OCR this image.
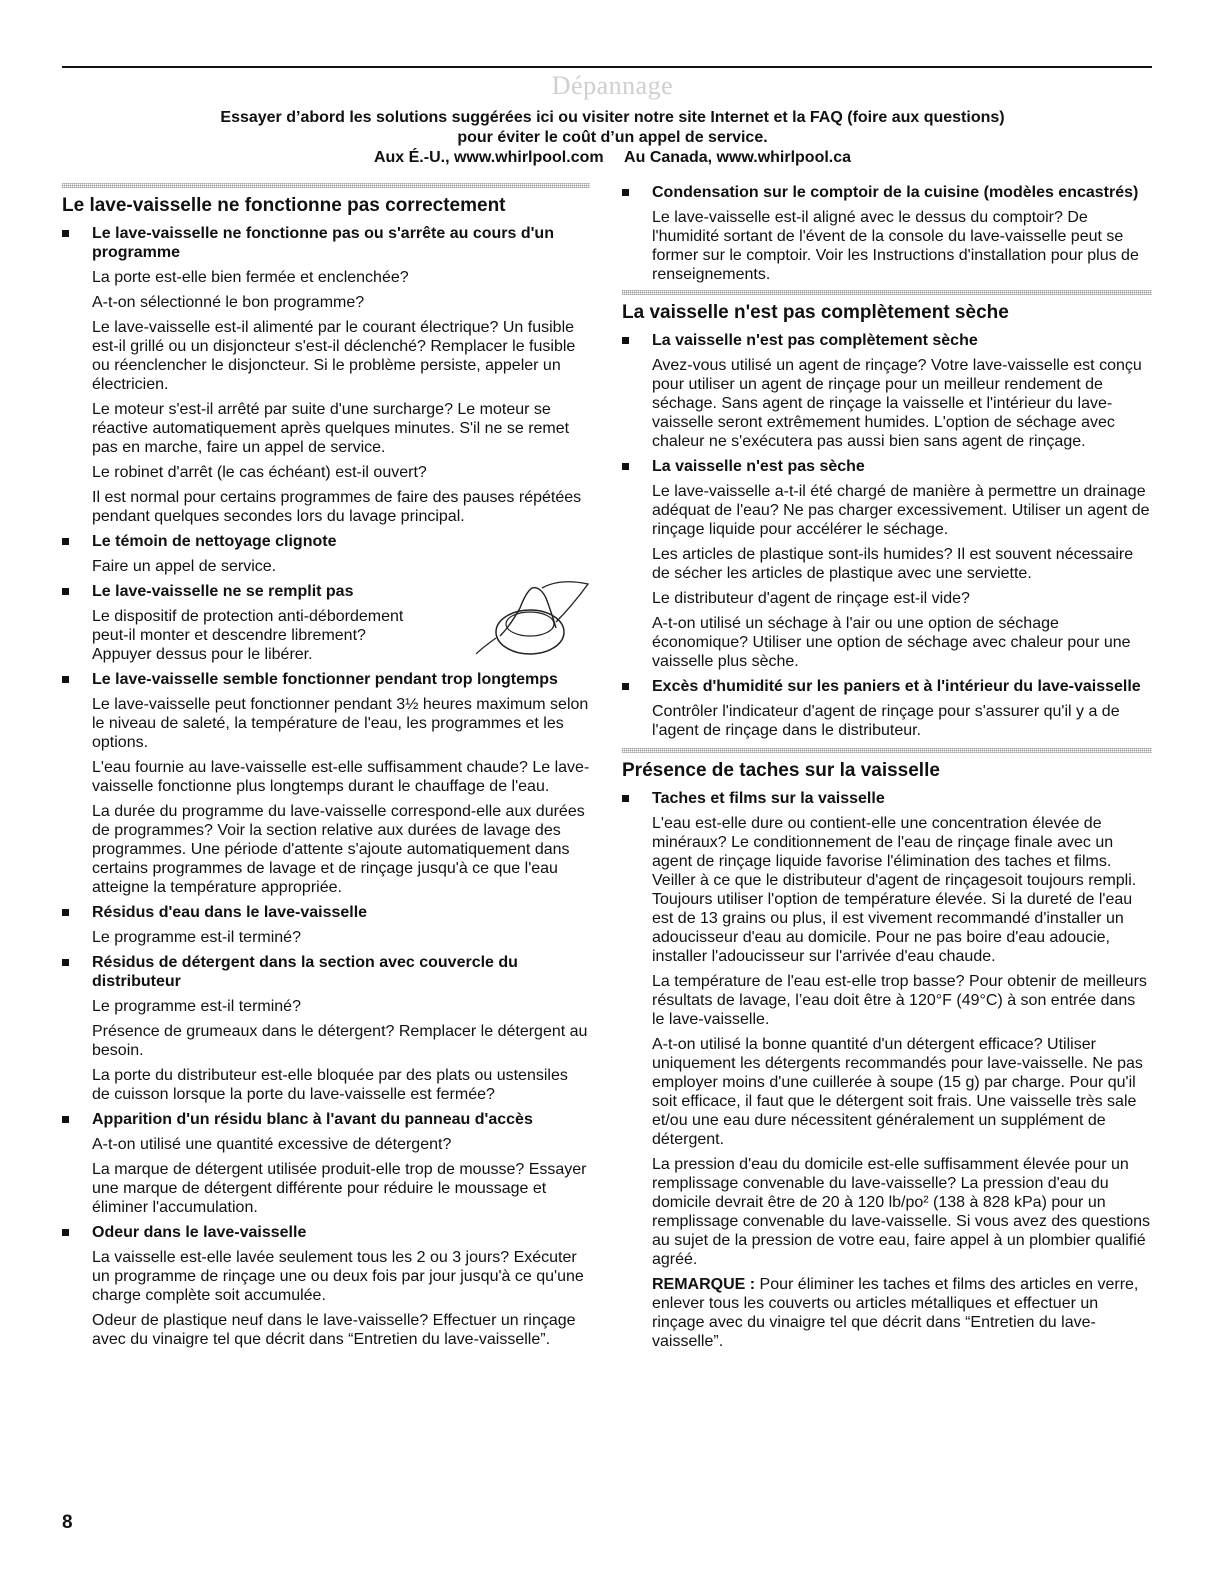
Dépannage
Essayer d’abord les solutions suggérées ici ou visiter notre site Internet et la FAQ (foire aux questions)
pour éviter le coût d’un appel de service.
Aux É.-U., www.whirlpool.com Au Canada, www.whirlpool.ca
Le lave-vaisselle ne fonctionne pas correctement
Le lave-vaisselle ne fonctionne pas ou s'arrête au cours d'un programme

La porte est-elle bien fermée et enclenchée?

A-t-on sélectionné le bon programme?

Le lave-vaisselle est-il alimenté par le courant électrique? Un fusible est-il grillé ou un disjoncteur s'est-il déclenché? Remplacer le fusible ou réenclencher le disjoncteur. Si le problème persiste, appeler un électricien.

Le moteur s'est-il arrêté par suite d'une surcharge? Le moteur se réactive automatiquement après quelques minutes. S'il ne se remet pas en marche, faire un appel de service.

Le robinet d'arrêt (le cas échéant) est-il ouvert?

Il est normal pour certains programmes de faire des pauses répétées pendant quelques secondes lors du lavage principal.

Le témoin de nettoyage clignote

Faire un appel de service.

Le lave-vaisselle ne se remplit pas

Le dispositif de protection anti-débordement peut-il monter et descendre librement? Appuyer dessus pour le libérer.

Le lave-vaisselle semble fonctionner pendant trop longtemps

Le lave-vaisselle peut fonctionner pendant 3½ heures maximum selon le niveau de saleté, la température de l'eau, les programmes et les options.

L'eau fournie au lave-vaisselle est-elle suffisamment chaude? Le lave-vaisselle fonctionne plus longtemps durant le chauffage de l'eau.

La durée du programme du lave-vaisselle correspond-elle aux durées de programmes? Voir la section relative aux durées de lavage des programmes. Une période d'attente s'ajoute automatiquement dans certains programmes de lavage et de rinçage jusqu'à ce que l'eau atteigne la température appropriée.

Résidus d'eau dans le lave-vaisselle

Le programme est-il terminé?

Résidus de détergent dans la section avec couvercle du distributeur

Le programme est-il terminé?

Présence de grumeaux dans le détergent? Remplacer le détergent au besoin.

La porte du distributeur est-elle bloquée par des plats ou ustensiles de cuisson lorsque la porte du lave-vaisselle est fermée?

Apparition d'un résidu blanc à l'avant du panneau d'accès

A-t-on utilisé une quantité excessive de détergent?

La marque de détergent utilisée produit-elle trop de mousse? Essayer une marque de détergent différente pour réduire le moussage et éliminer l'accumulation.

Odeur dans le lave-vaisselle

La vaisselle est-elle lavée seulement tous les 2 ou 3 jours? Exécuter un programme de rinçage une ou deux fois par jour jusqu'à ce qu'une charge complète soit accumulée.

Odeur de plastique neuf dans le lave-vaisselle? Effectuer un rinçage avec du vinaigre tel que décrit dans “Entretien du lave-vaisselle”.

Condensation sur le comptoir de la cuisine (modèles encastrés)

Le lave-vaisselle est-il aligné avec le dessus du comptoir? De l'humidité sortant de l'évent de la console du lave-vaisselle peut se former sur le comptoir. Voir les Instructions d'installation pour plus de renseignements.

La vaisselle n'est pas complètement sèche
La vaisselle n'est pas complètement sèche

Avez-vous utilisé un agent de rinçage? Votre lave-vaisselle est conçu pour utiliser un agent de rinçage pour un meilleur rendement de séchage. Sans agent de rinçage la vaisselle et l'intérieur du lave-vaisselle seront extrêmement humides. L'option de séchage avec chaleur ne s'exécutera pas aussi bien sans agent de rinçage.

La vaisselle n'est pas sèche

Le lave-vaisselle a-t-il été chargé de manière à permettre un drainage adéquat de l'eau? Ne pas charger excessivement. Utiliser un agent de rinçage liquide pour accélérer le séchage.

Les articles de plastique sont-ils humides? Il est souvent nécessaire de sécher les articles de plastique avec une serviette.

Le distributeur d'agent de rinçage est-il vide?

A-t-on utilisé un séchage à l'air ou une option de séchage économique? Utiliser une option de séchage avec chaleur pour une vaisselle plus sèche.

Excès d'humidité sur les paniers et à l'intérieur du lave-vaisselle

Contrôler l'indicateur d'agent de rinçage pour s'assurer qu'il y a de l'agent de rinçage dans le distributeur.

Présence de taches sur la vaisselle
Taches et films sur la vaisselle

L'eau est-elle dure ou contient-elle une concentration élevée de minéraux? Le conditionnement de l'eau de rinçage finale avec un agent de rinçage liquide favorise l'élimination des taches et films. Veiller à ce que le distributeur d'agent de rinçagesoit toujours rempli. Toujours utiliser l'option de température élevée. Si la dureté de l'eau est de 13 grains ou plus, il est vivement recommandé d'installer un adoucisseur d'eau au domicile. Pour ne pas boire d'eau adoucie, installer l'adoucisseur sur l'arrivée d'eau chaude.

La température de l'eau est-elle trop basse? Pour obtenir de meilleurs résultats de lavage, l’eau doit être à 120°F (49°C) à son entrée dans le lave-vaisselle.

A-t-on utilisé la bonne quantité d'un détergent efficace? Utiliser uniquement les détergents recommandés pour lave-vaisselle. Ne pas employer moins d'une cuillerée à soupe (15 g) par charge. Pour qu'il soit efficace, il faut que le détergent soit frais. Une vaisselle très sale et/ou une eau dure nécessitent généralement un supplément de détergent.

La pression d'eau du domicile est-elle suffisamment élevée pour un remplissage convenable du lave-vaisselle? La pression d'eau du domicile devrait être de 20 à 120 lb/po² (138 à 828 kPa) pour un remplissage convenable du lave-vaisselle. Si vous avez des questions au sujet de la pression de votre eau, faire appel à un plombier qualifié agréé.

REMARQUE : Pour éliminer les taches et films des articles en verre, enlever tous les couverts ou articles métalliques et effectuer un rinçage avec du vinaigre tel que décrit dans “Entretien du lave-vaisselle”.

8
